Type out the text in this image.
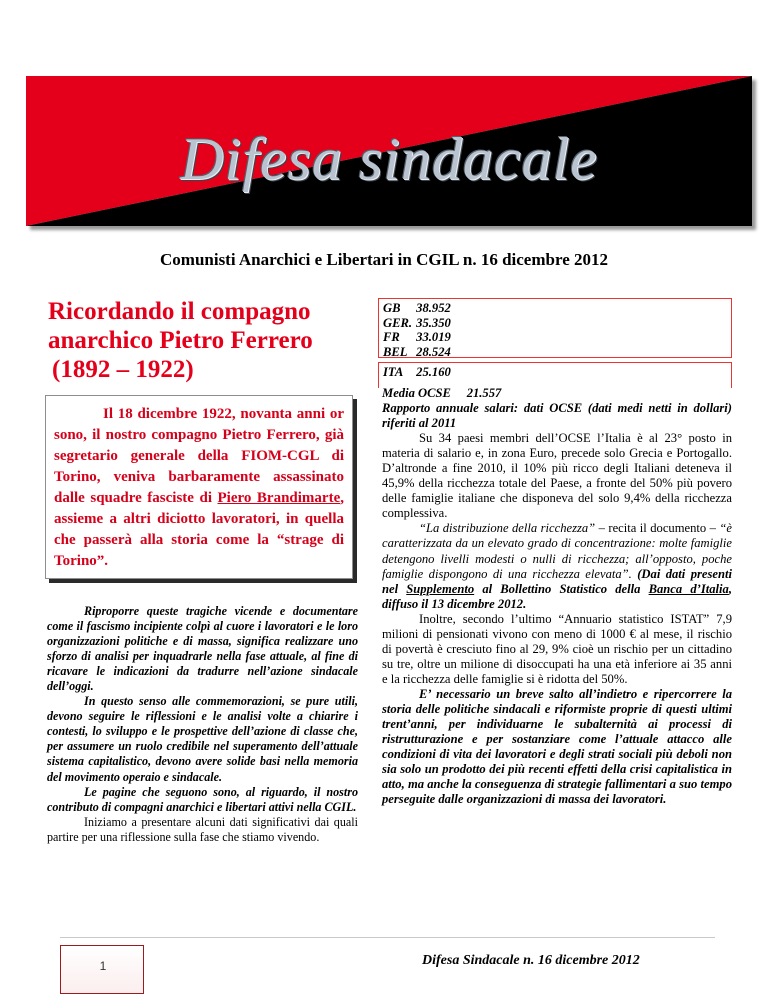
Difesa sindacale
Comunisti Anarchici e Libertari in CGIL n. 16 dicembre 2012
Ricordando il compagno
anarchico Pietro Ferrero
(1892 – 1922)
Il 18 dicembre 1922, novanta anni or sono, il nostro compagno Pietro Ferrero, già segretario generale della FIOM-CGL di Torino, veniva barbaramente assassinato dalle squadre fasciste di Piero Brandimarte, assieme a altri diciotto lavoratori, in quella che passerà alla storia come la “strage di Torino”.

Riproporre queste tragiche vicende e documentare come il fascismo incipiente colpì al cuore i lavoratori e le loro organizzazioni politiche e di massa, significa realizzare uno sforzo di analisi per inquadrarle nella fase attuale, al fine di ricavare le indicazioni da tradurre nell’azione sindacale dell’oggi.

In questo senso alle commemorazioni, se pure utili, devono seguire le riflessioni e le analisi volte a chiarire i contesti, lo sviluppo e le prospettive dell’azione di classe che, per assumere un ruolo credibile nel superamento dell’attuale sistema capitalistico, devono avere solide basi nella memoria del movimento operaio e sindacale.

Le pagine che seguono sono, al riguardo, il nostro contributo di compagni anarchici e libertari attivi nella CGIL.

Iniziamo a presentare alcuni dati significativi dai quali partire per una riflessione sulla fase che stiamo vivendo.

GB 38.952
GER. 35.350
FR 33.019
BEL 28.524
ITA 25.160

Media OCSE 21.557

Rapporto annuale salari: dati OCSE (dati medi netti in dollari) riferiti al 2011

Su 34 paesi membri dell’OCSE l’Italia è al 23° posto in materia di salario e, in zona Euro, precede solo Grecia e Portogallo. D’altronde a fine 2010, il 10% più ricco degli Italiani deteneva il 45,9% della ricchezza totale del Paese, a fronte del 50% più povero delle famiglie italiane che disponeva del solo 9,4% della ricchezza complessiva.

“La distribuzione della ricchezza” – recita il documento – “è caratterizzata da un elevato grado di concentrazione: molte famiglie detengono livelli modesti o nulli di ricchezza; all’opposto, poche famiglie dispongono di una ricchezza elevata”. (Dai dati presenti nel Supplemento al Bollettino Statistico della Banca d’Italia, diffuso il 13 dicembre 2012.

Inoltre, secondo l’ultimo “Annuario statistico ISTAT” 7,9 milioni di pensionati vivono con meno di 1000 € al mese, il rischio di povertà è cresciuto fino al 29, 9% cioè un rischio per un cittadino su tre, oltre un milione di disoccupati ha una età inferiore ai 35 anni e la ricchezza delle famiglie si è ridotta del 50%.

E’ necessario un breve salto all’indietro e ripercorrere la storia delle politiche sindacali e riformiste proprie di questi ultimi trent’anni, per individuarne le subalternità ai processi di ristrutturazione e per sostanziare come l’attuale attacco alle condizioni di vita dei lavoratori e degli strati sociali più deboli non sia solo un prodotto dei più recenti effetti della crisi capitalistica in atto, ma anche la conseguenza di strategie fallimentari a suo tempo perseguite dalle organizzazioni di massa dei lavoratori.

1	Difesa Sindacale n. 16 dicembre 2012
